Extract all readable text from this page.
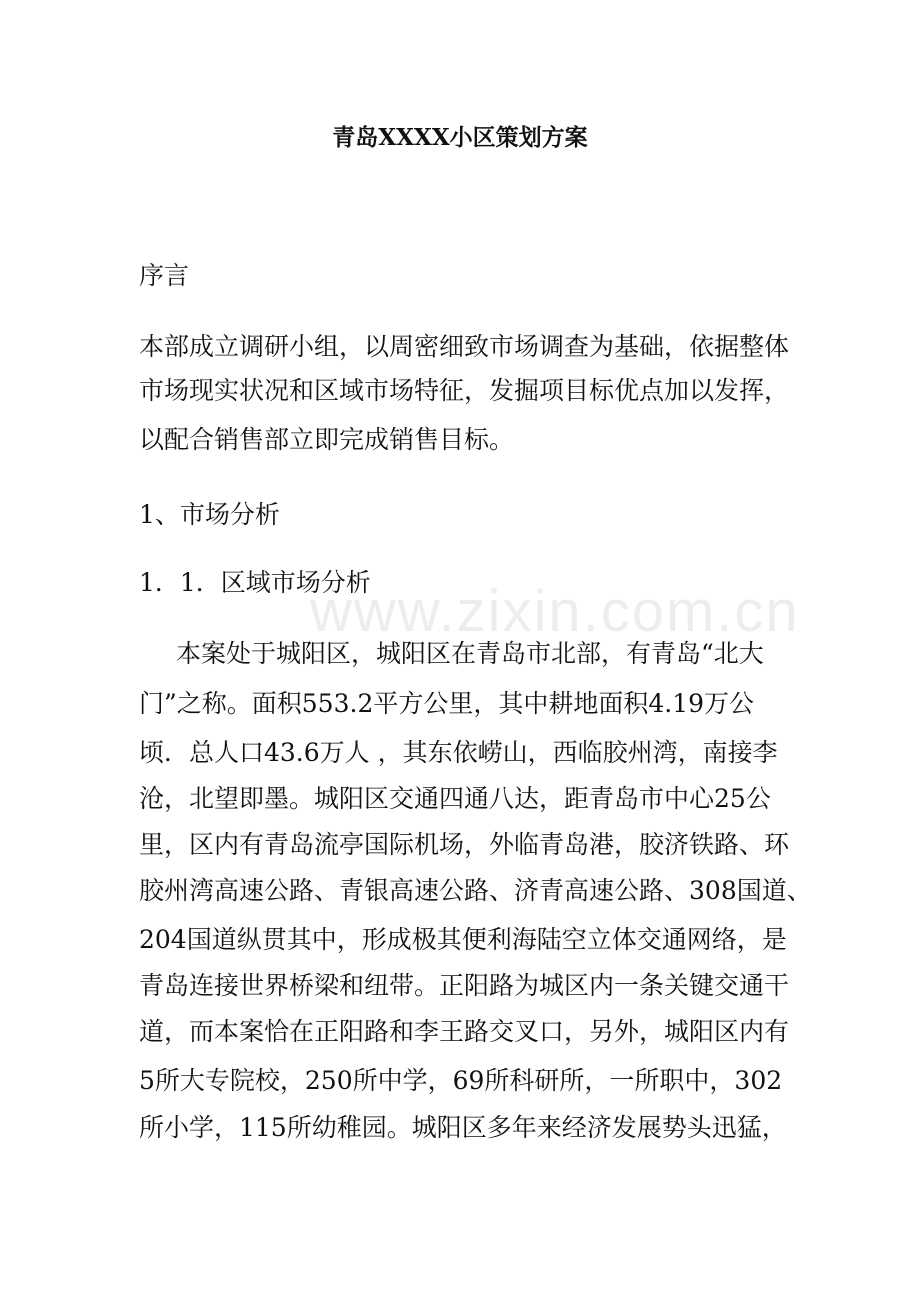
www.zixin.com.cn
青岛XXXX小区策划方案
序言
本部成立调研小组，以周密细致市场调查为基础，依据整体
市场现实状况和区域市场特征，发掘项目标优点加以发挥，
以配合销售部立即完成销售目标。
1、市场分析
1．1．区域市场分析
本案处于城阳区，城阳区在青岛市北部，有青岛“北大
门”之称。面积553.2平方公里，其中耕地面积4.19万公
顷．总人口43.6万人 ，其东依崂山，西临胶州湾，南接李
沧，北望即墨。城阳区交通四通八达，距青岛市中心25公
里，区内有青岛流亭国际机场，外临青岛港，胶济铁路、环
胶州湾高速公路、青银高速公路、济青高速公路、308国道、
204国道纵贯其中，形成极其便利海陆空立体交通网络，是
青岛连接世界桥梁和纽带。正阳路为城区内一条关键交通干
道，而本案恰在正阳路和李王路交叉口，另外，城阳区内有
5所大专院校，250所中学，69所科研所，一所职中，302
所小学，115所幼稚园。城阳区多年来经济发展势头迅猛，
